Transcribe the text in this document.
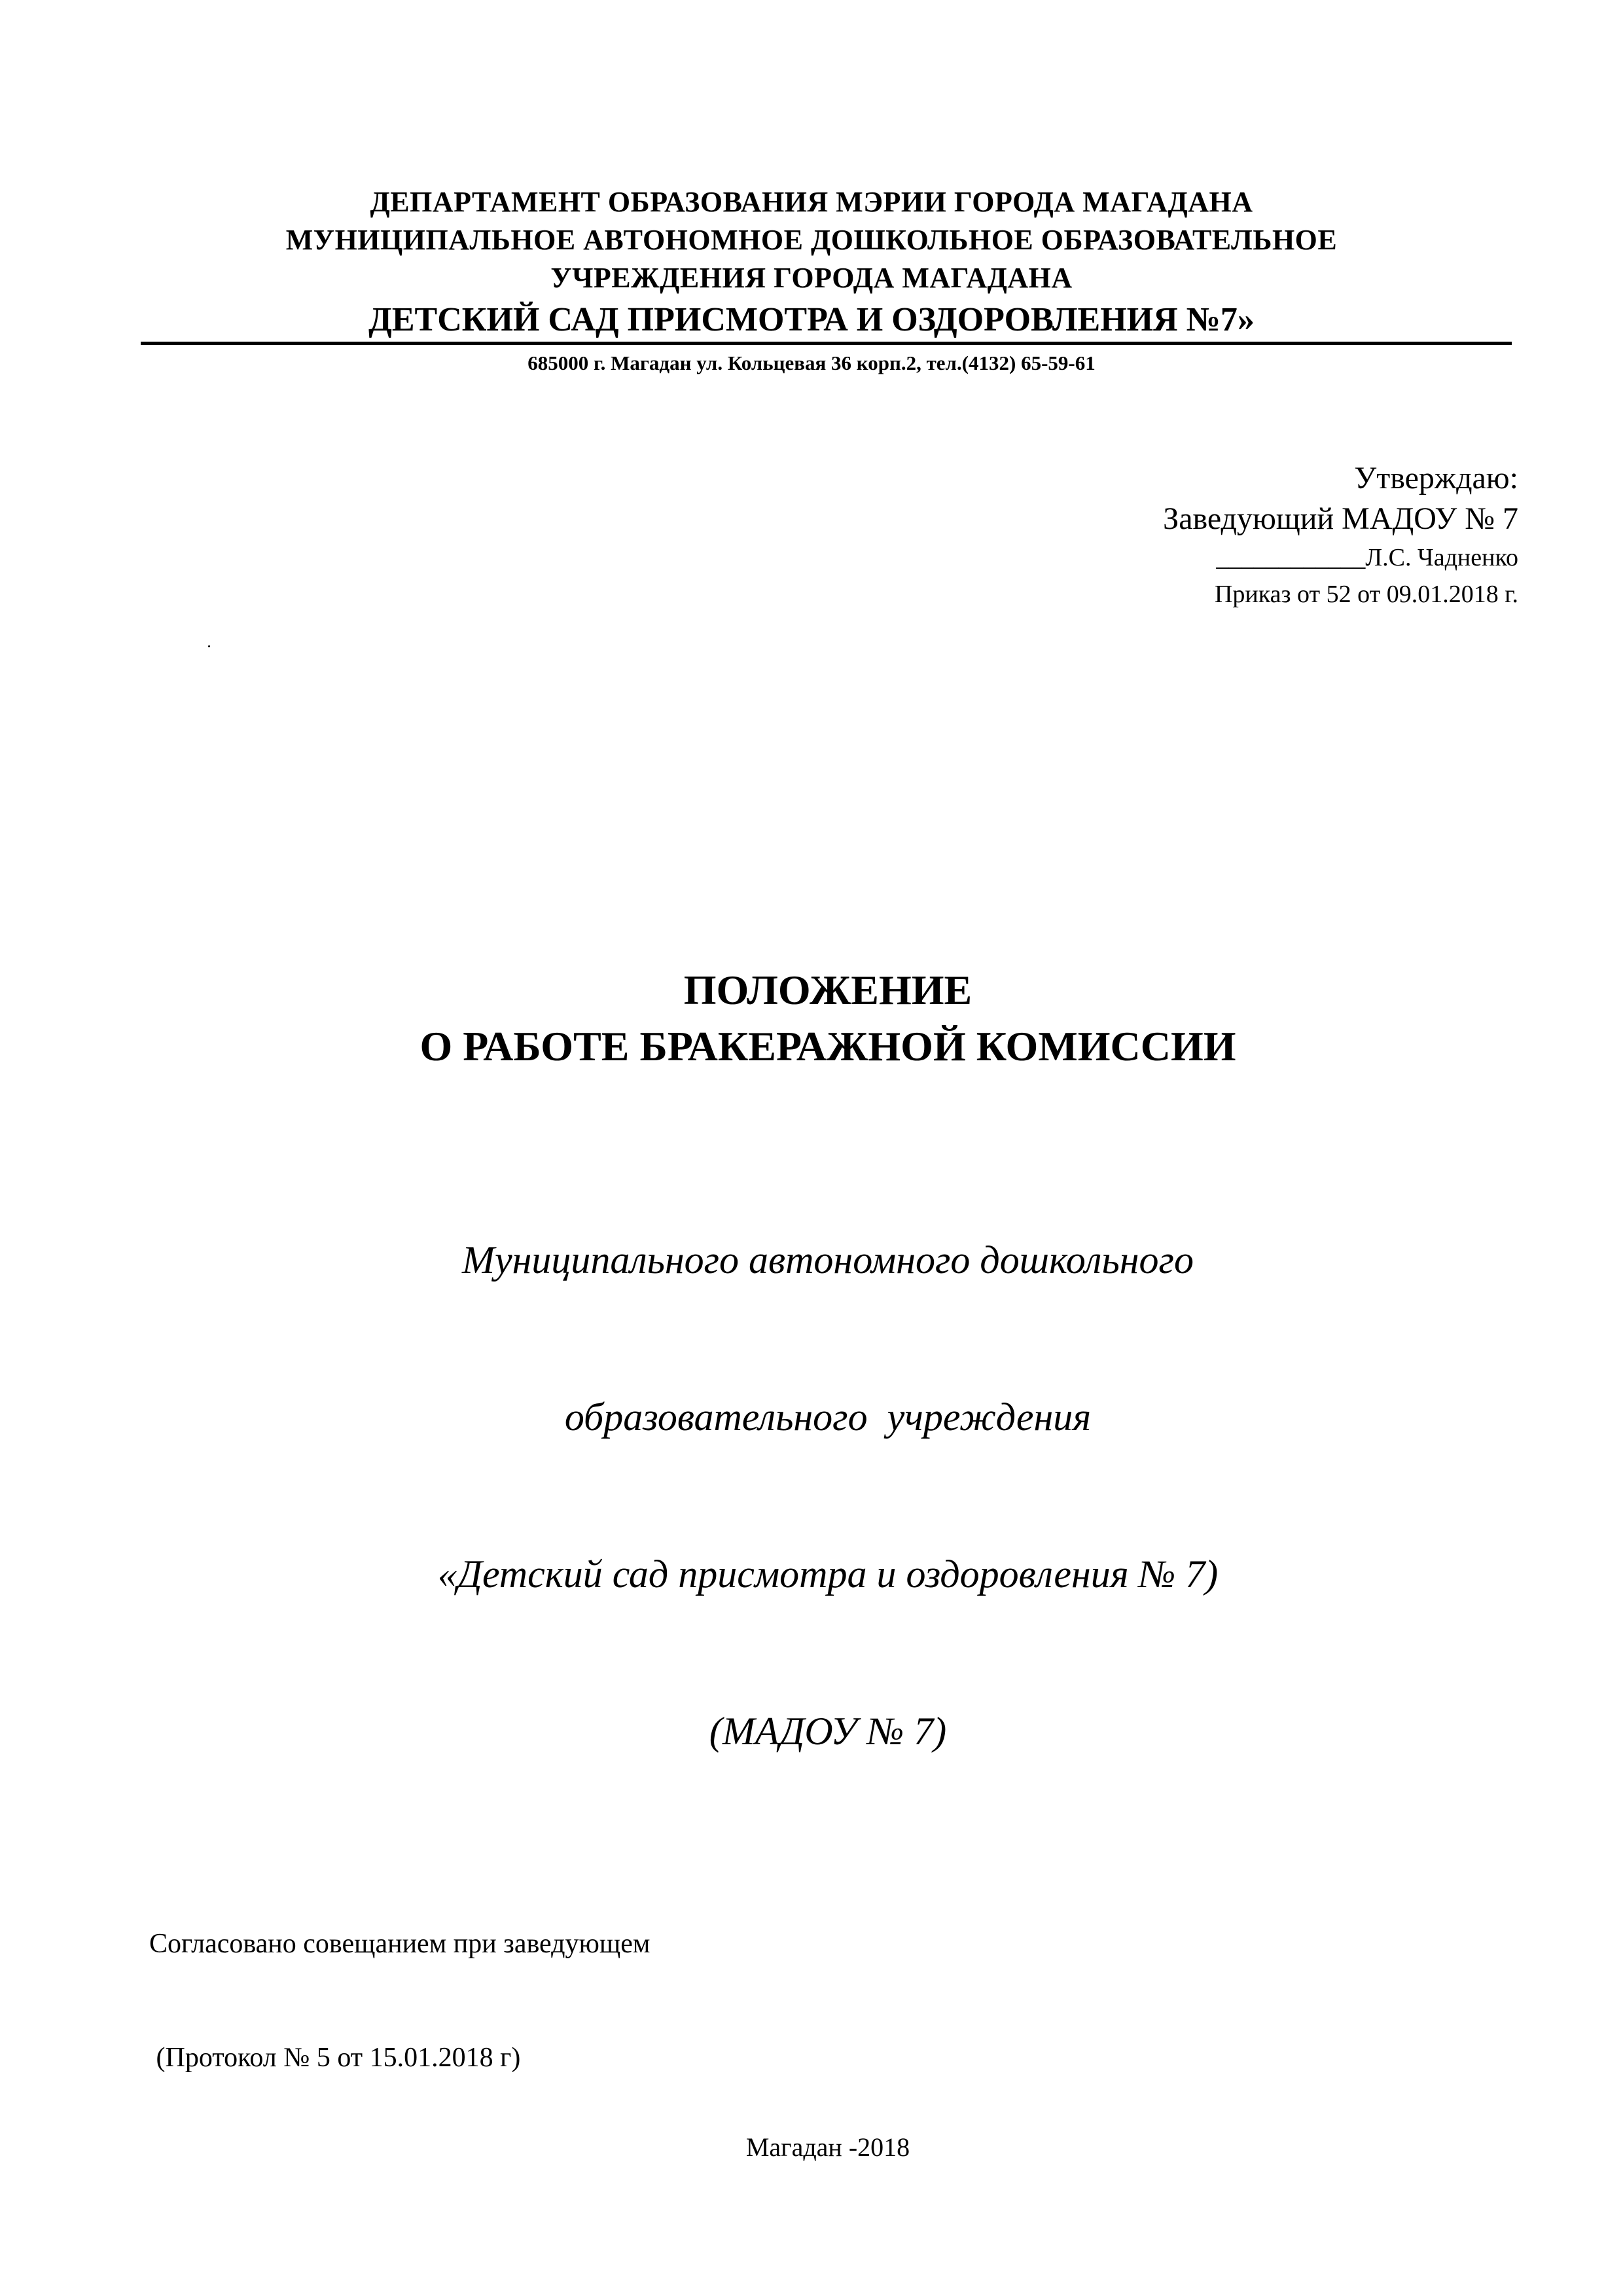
ДЕПАРТАМЕНТ ОБРАЗОВАНИЯ МЭРИИ ГОРОДА МАГАДАНА
МУНИЦИПАЛЬНОЕ АВТОНОМНОЕ ДОШКОЛЬНОЕ ОБРАЗОВАТЕЛЬНОЕ
УЧРЕЖДЕНИЯ ГОРОДА МАГАДАНА
ДЕТСКИЙ САД ПРИСМОТРА И ОЗДОРОВЛЕНИЯ №7»
685000 г. Магадан ул. Кольцевая 36 корп.2, тел.(4132) 65-59-61
Утверждаю:
Заведующий МАДОУ № 7
____________Л.С. Чадненко
Приказ от 52 от 09.01.2018 г.
ПОЛОЖЕНИЕ
О РАБОТЕ БРАКЕРАЖНОЙ КОМИССИИ

Муниципального автономного дошкольного

образовательного  учреждения

«Детский сад присмотра и оздоровления № 7)

(МАДОУ № 7)

Согласовано совещанием при заведующем

(Протокол № 5 от 15.01.2018 г)

Магадан -2018
